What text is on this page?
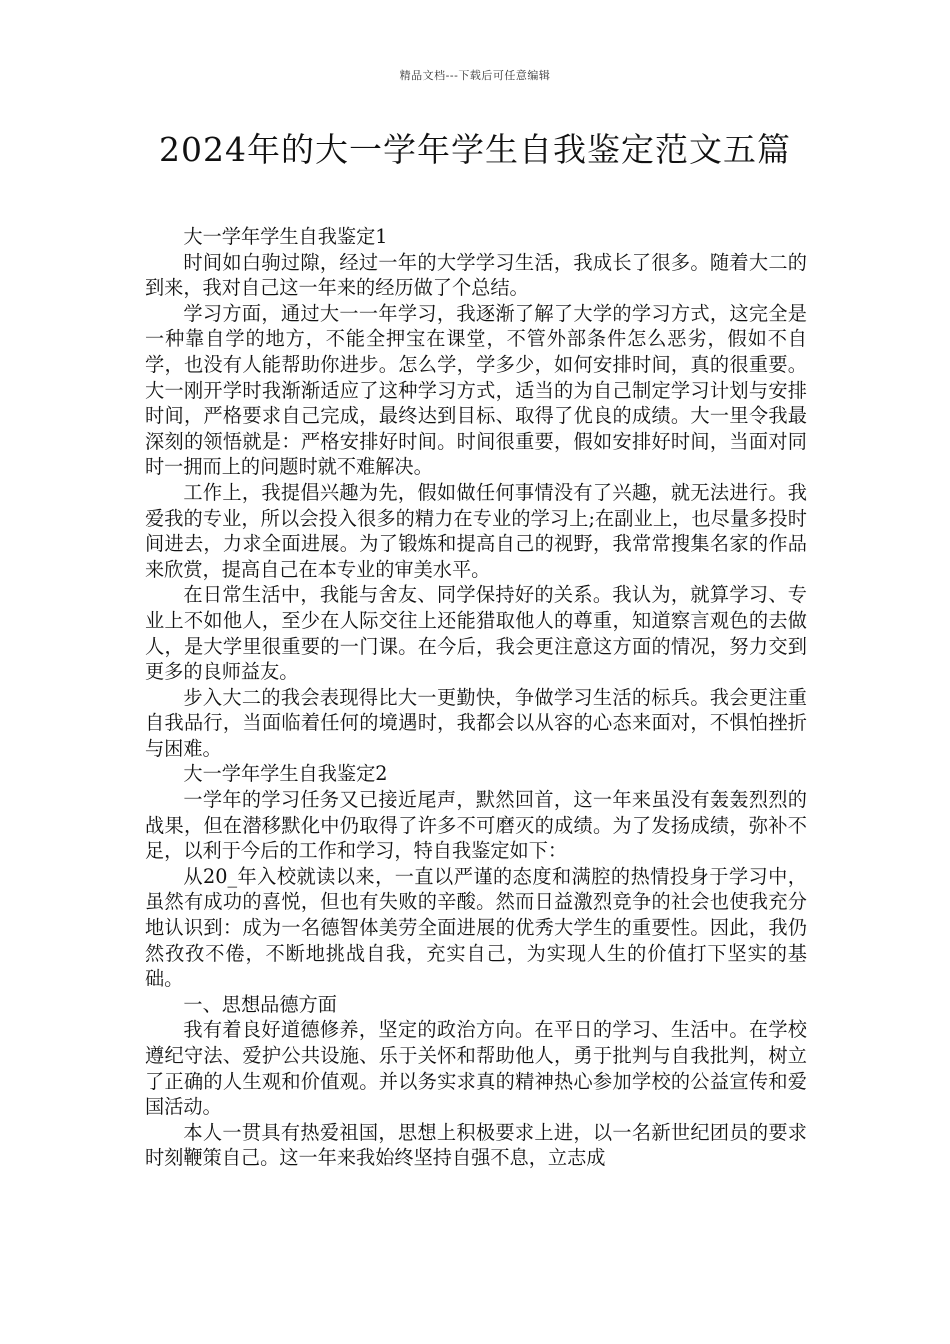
精品文档---下载后可任意编辑
2024年的大一学年学生自我鉴定范文五篇

大一学年学生自我鉴定1

时间如白驹过隙，经过一年的大学学习生活，我成长了很多。随着大二的到来，我对自己这一年来的经历做了个总结。

学习方面，通过大一一年学习，我逐渐了解了大学的学习方式，这完全是一种靠自学的地方，不能全押宝在课堂，不管外部条件怎么恶劣，假如不自学，也没有人能帮助你进步。怎么学，学多少，如何安排时间，真的很重要。大一刚开学时我渐渐适应了这种学习方式，适当的为自己制定学习计划与安排时间，严格要求自己完成，最终达到目标、取得了优良的成绩。大一里令我最深刻的领悟就是：严格安排好时间。时间很重要，假如安排好时间，当面对同时一拥而上的问题时就不难解决。

工作上，我提倡兴趣为先，假如做任何事情没有了兴趣，就无法进行。我爱我的专业，所以会投入很多的精力在专业的学习上;在副业上，也尽量多投时间进去，力求全面进展。为了锻炼和提高自己的视野，我常常搜集名家的作品来欣赏，提高自己在本专业的审美水平。

在日常生活中，我能与舍友、同学保持好的关系。我认为，就算学习、专业上不如他人，至少在人际交往上还能猎取他人的尊重，知道察言观色的去做人，是大学里很重要的一门课。在今后，我会更注意这方面的情况，努力交到更多的良师益友。

步入大二的我会表现得比大一更勤快，争做学习生活的标兵。我会更注重自我品行，当面临着任何的境遇时，我都会以从容的心态来面对，不惧怕挫折与困难。

大一学年学生自我鉴定2

一学年的学习任务又已接近尾声，默然回首，这一年来虽没有轰轰烈烈的战果，但在潜移默化中仍取得了许多不可磨灭的成绩。为了发扬成绩，弥补不足，以利于今后的工作和学习，特自我鉴定如下：

从20_年入校就读以来，一直以严谨的态度和满腔的热情投身于学习中，虽然有成功的喜悦，但也有失败的辛酸。然而日益激烈竞争的社会也使我充分地认识到：成为一名德智体美劳全面进展的优秀大学生的重要性。因此，我仍然孜孜不倦，不断地挑战自我，充实自己，为实现人生的价值打下坚实的基础。

一、思想品德方面

我有着良好道德修养，坚定的政治方向。在平日的学习、生活中。在学校遵纪守法、爱护公共设施、乐于关怀和帮助他人，勇于批判与自我批判，树立了正确的人生观和价值观。并以务实求真的精神热心参加学校的公益宣传和爱国活动。

本人一贯具有热爱祖国，思想上积极要求上进，以一名新世纪团员的要求时刻鞭策自己。这一年来我始终坚持自强不息，立志成
